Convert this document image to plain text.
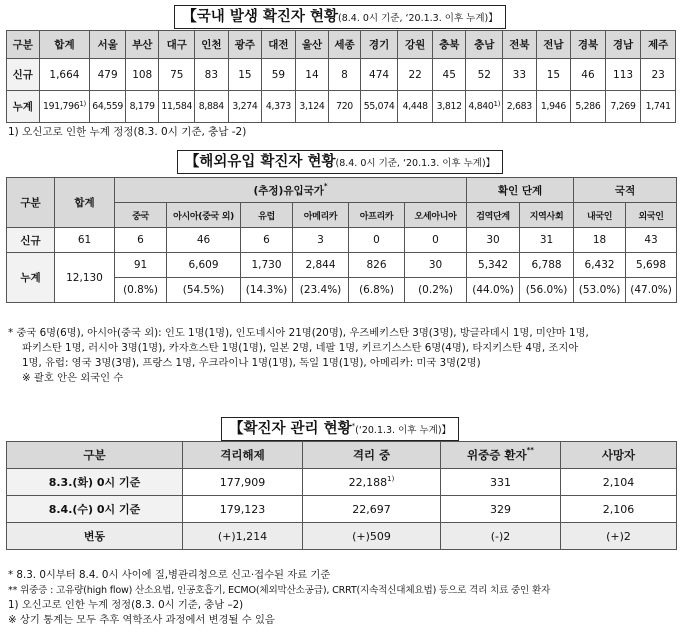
【국내 발생 확진자 현황(8.4. 0시 기준, ‘20.1.3. 이후 누계)】
구분	합계	서울	부산	대구	인천	광주	대전	울산	세종	경기	강원	충북	충남	전북	전남	경북	경남	제주
신규	1,664	479	108	75	83	15	59	14	8	474	22	45	52	33	15	46	113	23
누계	191,796$^{1)}$	64,559	8,179	11,584	8,884	3,274	4,373	3,124	720	55,074	4,448	3,812	4,840$^{1)}$	2,683	1,946	5,286	7,269	1,741
1) 오신고로 인한 누계 정정(8.3. 0시 기준, 충남 -2)
【해외유입 확진자 현황(8.4. 0시 기준, ‘20.1.3. 이후 누계)】
구분	합계	(추정)유입국가*						확인 단계		국적	
		중국	아시아(중국 외)	유럽	아메리카	아프리카	오세아니아	검역단계	지역사회	내국인	외국인
신규	61	6	46	6	3	0	0	30	31	18	43
누계	12,130	91	6,609	1,730	2,844	826	30	5,342	6,788	6,432	5,698
		(0.8%)	(54.5%)	(14.3%)	(23.4%)	(6.8%)	(0.2%)	(44.0%)	(56.0%)	(53.0%)	(47.0%)
* 중국 6명(6명), 아시아(중국 외): 인도 1명(1명), 인도네시아 21명(20명), 우즈베키스탄 3명(3명), 방글라데시 1명, 미얀마 1명,
파키스탄 1명, 러시아 3명(1명), 카자흐스탄 1명(1명), 일본 2명, 네팔 1명, 키르기스스탄 6명(4명), 타지키스탄 4명, 조지아
1명, 유럽: 영국 3명(3명), 프랑스 1명, 우크라이나 1명(1명), 독일 1명(1명), 아메리카: 미국 3명(2명)
※ 괄호 안은 외국인 수
【확진자 관리 현황*(‘20.1.3. 이후 누계)】
구분	격리해제	격리 중	위중증 환자**	사망자
8.3.(화) 0시 기준	177,909	22,188$^{1)}$	331	2,104
8.4.(수) 0시 기준	179,123	22,697	329	2,106
변동	(+)1,214	(+)509	(-)2	(+)2
* 8.3. 0시부터 8.4. 0시 사이에 질,병관리청으로 신고·접수된 자료 기준
** 위중증 : 고유량(high flow) 산소요법, 인공호흡기, ECMO(체외막산소공급), CRRT(지속적신대체요법) 등으로 격리 치료 중인 환자
1) 오신고로 인한 누계 정정(8.3. 0시 기준, 충남 –2)
※ 상기 통계는 모두 추후 역학조사 과정에서 변경될 수 있음
